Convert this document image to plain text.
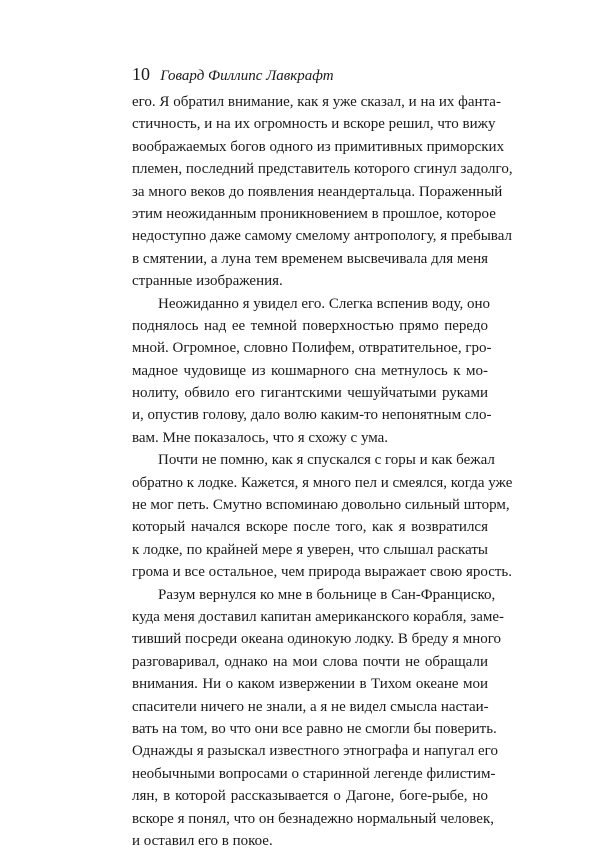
10 Говард Филлипс Лавкрафт
его. Я обратил внимание, как я уже сказал, и на их фанта-
стичность, и на их огромность и вскоре решил, что вижу
воображаемых богов одного из примитивных приморских
племен, последний представитель которого сгинул задолго,
за много веков до появления неандертальца. Пораженный
этим неожиданным проникновением в прошлое, которое
недоступно даже самому смелому антропологу, я пребывал
в смятении, а луна тем временем высвечивала для меня
странные изображения.
Неожиданно я увидел его. Слегка вспенив воду, оно
поднялось над ее темной поверхностью прямо передо
мной. Огромное, словно Полифем, отвратительное, гро-
мадное чудовище из кошмарного сна метнулось к мо-
нолиту, обвило его гигантскими чешуйчатыми руками
и, опустив голову, дало волю каким-то непонятным сло-
вам. Мне показалось, что я схожу с ума.
Почти не помню, как я спускался с горы и как бежал
обратно к лодке. Кажется, я много пел и смеялся, когда уже
не мог петь. Смутно вспоминаю довольно сильный шторм,
который начался вскоре после того, как я возвратился
к лодке, по крайней мере я уверен, что слышал раскаты
грома и все остальное, чем природа выражает свою ярость.
Разум вернулся ко мне в больнице в Сан-Франциско,
куда меня доставил капитан американского корабля, заме-
тивший посреди океана одинокую лодку. В бреду я много
разговаривал, однако на мои слова почти не обращали
внимания. Ни о каком извержении в Тихом океане мои
спасители ничего не знали, а я не видел смысла настаи-
вать на том, во что они все равно не смогли бы поверить.
Однажды я разыскал известного этнографа и напугал его
необычными вопросами о старинной легенде филистим-
лян, в которой рассказывается о Дагоне, боге-рыбе, но
вскоре я понял, что он безнадежно нормальный человек,
и оставил его в покое.
